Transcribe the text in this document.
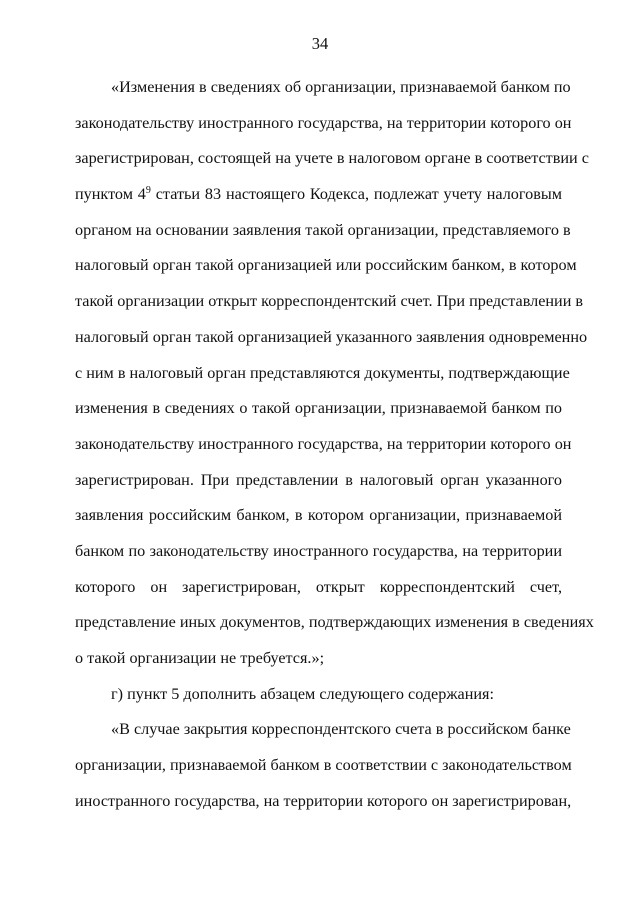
34
«Изменения в сведениях об организации, признаваемой банком по
законодательству иностранного государства, на территории которого он
зарегистрирован, состоящей на учете в налоговом органе в соответствии с
пунктом $4^9$ статьи 83 настоящего Кодекса, подлежат учету налоговым
органом на основании заявления такой организации, представляемого в
налоговый орган такой организацией или российским банком, в котором
такой организации открыт корреспондентский счет. При представлении в
налоговый орган такой организацией указанного заявления одновременно
с ним в налоговый орган представляются документы, подтверждающие
изменения в сведениях о такой организации, признаваемой банком по
законодательству иностранного государства, на территории которого он
зарегистрирован. При представлении в налоговый орган указанного
заявления российским банком, в котором организации, признаваемой
банком по законодательству иностранного государства, на территории
которого он зарегистрирован, открыт корреспондентский счет,
представление иных документов, подтверждающих изменения в сведениях
о такой организации не требуется.»;
г) пункт 5 дополнить абзацем следующего содержания:
«В случае закрытия корреспондентского счета в российском банке
организации, признаваемой банком в соответствии с законодательством
иностранного государства, на территории которого он зарегистрирован,
